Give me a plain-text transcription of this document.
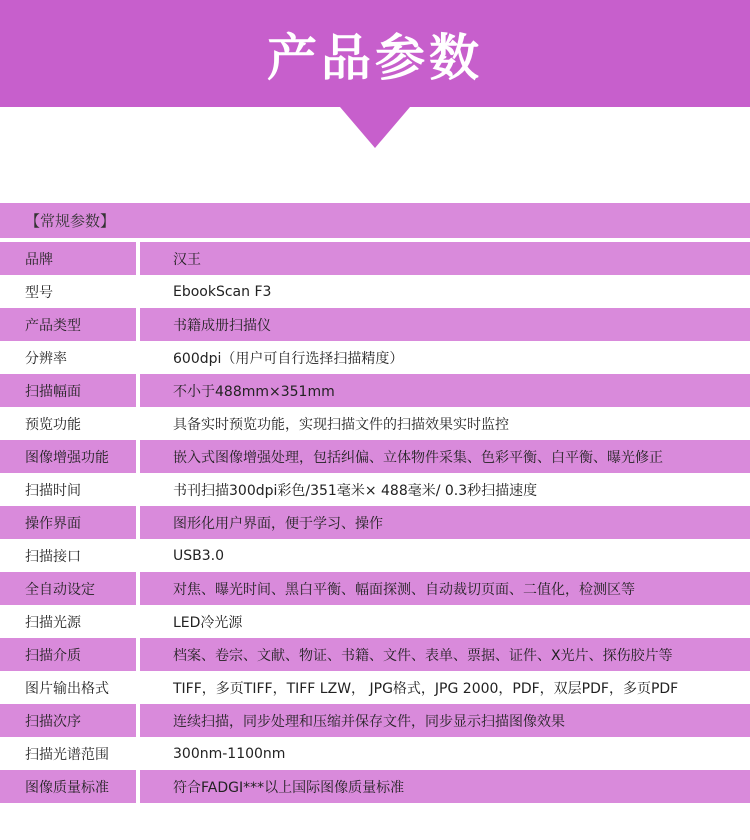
产品参数
【常规参数】
品牌	汉王
型号	EbookScan F3
产品类型	书籍成册扫描仪
分辨率	600dpi（用户可自行选择扫描精度）
扫描幅面	不小于488mm×351mm
预览功能	具备实时预览功能，实现扫描文件的扫描效果实时监控
图像增强功能	嵌入式图像增强处理，包括纠偏、立体物件采集、色彩平衡、白平衡、曝光修正
扫描时间	书刊扫描300dpi彩色/351毫米× 488毫米/ 0.3秒扫描速度
操作界面	图形化用户界面，便于学习、操作
扫描接口	USB3.0
全自动设定	对焦、曝光时间、黑白平衡、幅面探测、自动裁切页面、二值化，检测区等
扫描光源	LED冷光源
扫描介质	档案、卷宗、文献、物证、书籍、文件、表单、票据、证件、X光片、探伤胶片等
图片输出格式	TIFF，多页TIFF，TIFF LZW， JPG格式，JPG 2000，PDF，双层PDF，多页PDF
扫描次序	连续扫描，同步处理和压缩并保存文件，同步显示扫描图像效果
扫描光谱范围	300nm-1100nm
图像质量标准	符合FADGI***以上国际图像质量标准
